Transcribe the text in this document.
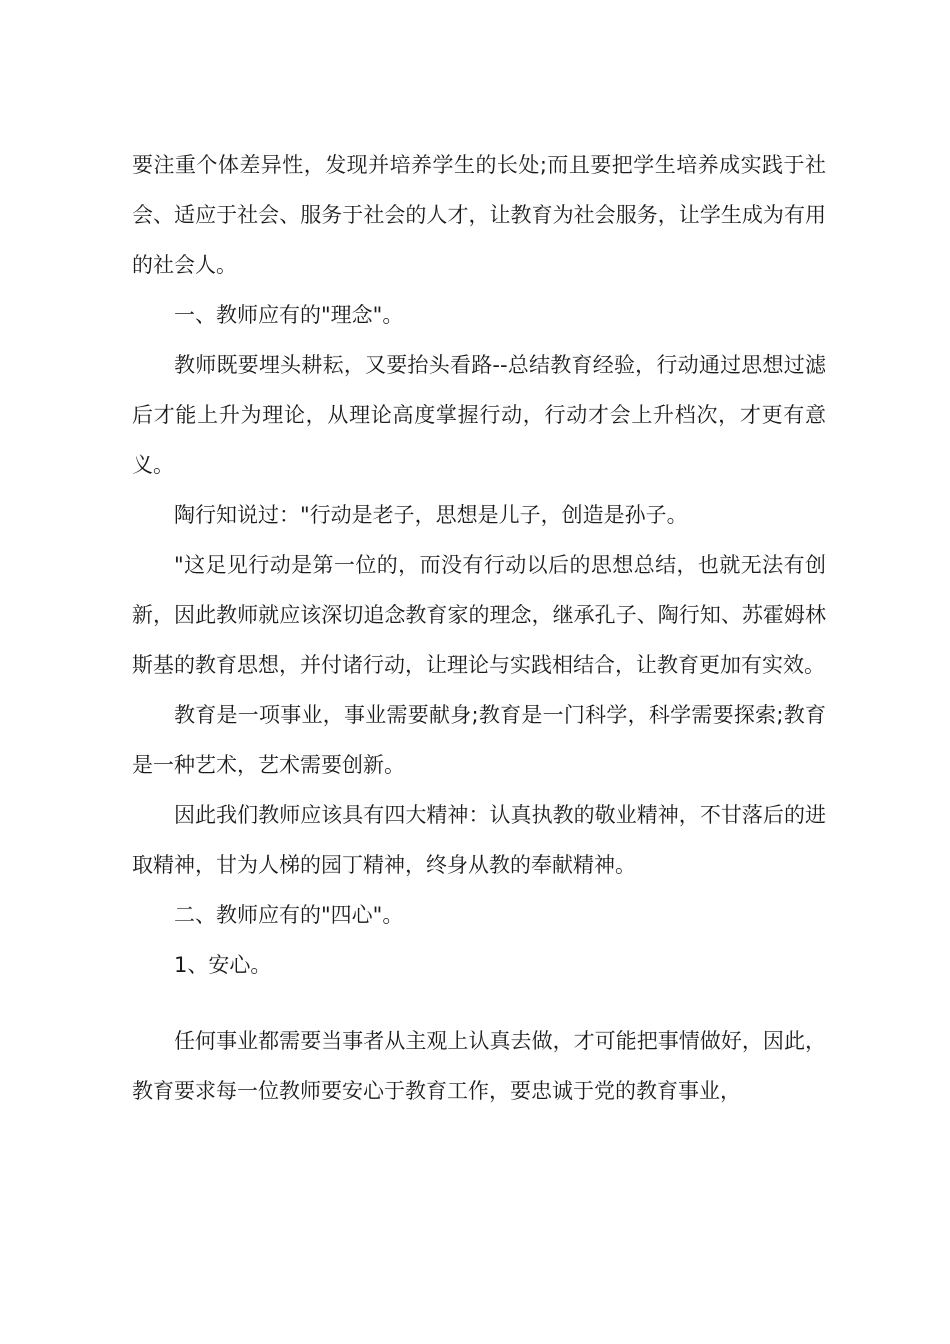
要注重个体差异性，发现并培养学生的长处;而且要把学生培养成实践于社会、适应于社会、服务于社会的人才，让教育为社会服务，让学生成为有用的社会人。

一、教师应有的"理念"。

教师既要埋头耕耘，又要抬头看路--总结教育经验，行动通过思想过滤后才能上升为理论，从理论高度掌握行动，行动才会上升档次，才更有意义。

陶行知说过："行动是老子，思想是儿子，创造是孙子。

"这足见行动是第一位的，而没有行动以后的思想总结，也就无法有创新，因此教师就应该深切追念教育家的理念，继承孔子、陶行知、苏霍姆林斯基的教育思想，并付诸行动，让理论与实践相结合，让教育更加有实效。

教育是一项事业，事业需要献身;教育是一门科学，科学需要探索;教育是一种艺术，艺术需要创新。

因此我们教师应该具有四大精神：认真执教的敬业精神，不甘落后的进取精神，甘为人梯的园丁精神，终身从教的奉献精神。

二、教师应有的"四心"。

1、安心。

任何事业都需要当事者从主观上认真去做，才可能把事情做好，因此，教育要求每一位教师要安心于教育工作，要忠诚于党的教育事业，
